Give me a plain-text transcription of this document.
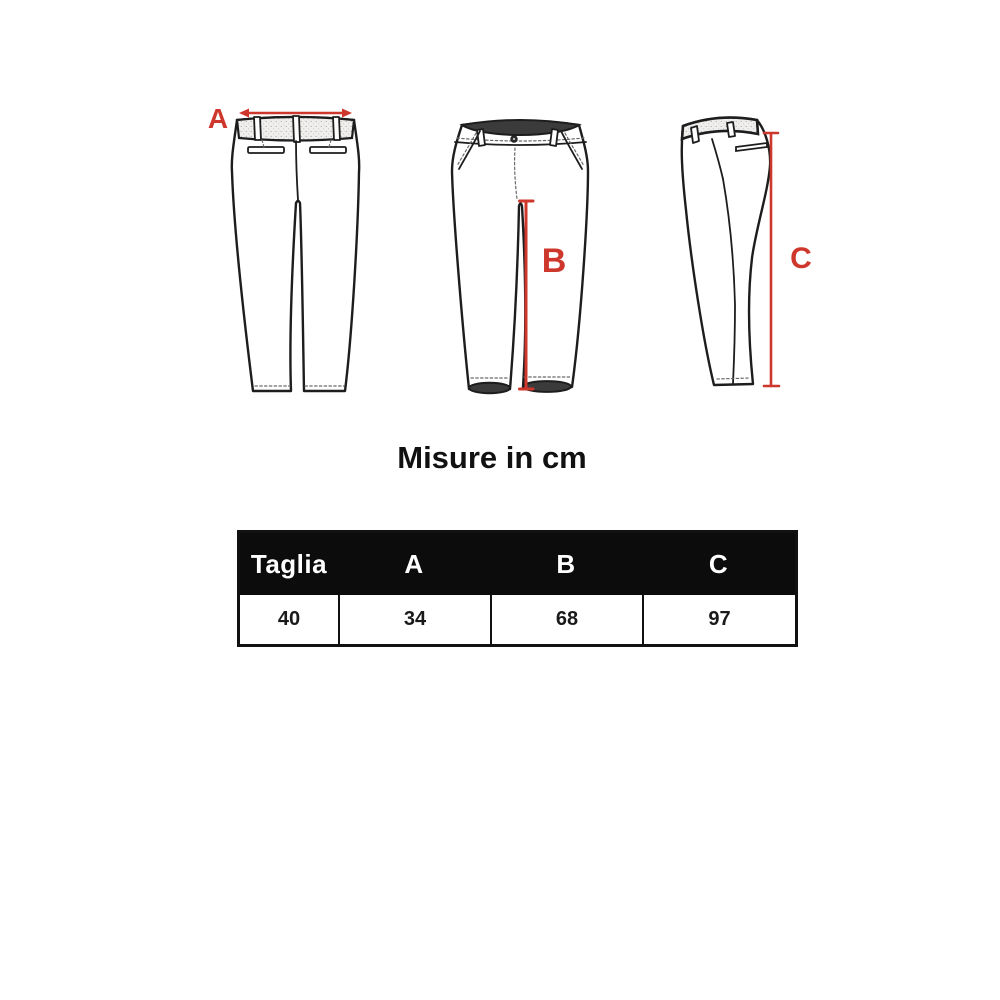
A
B	C
Misure in cm
Taglia	A	B	C
40	34	68	97
